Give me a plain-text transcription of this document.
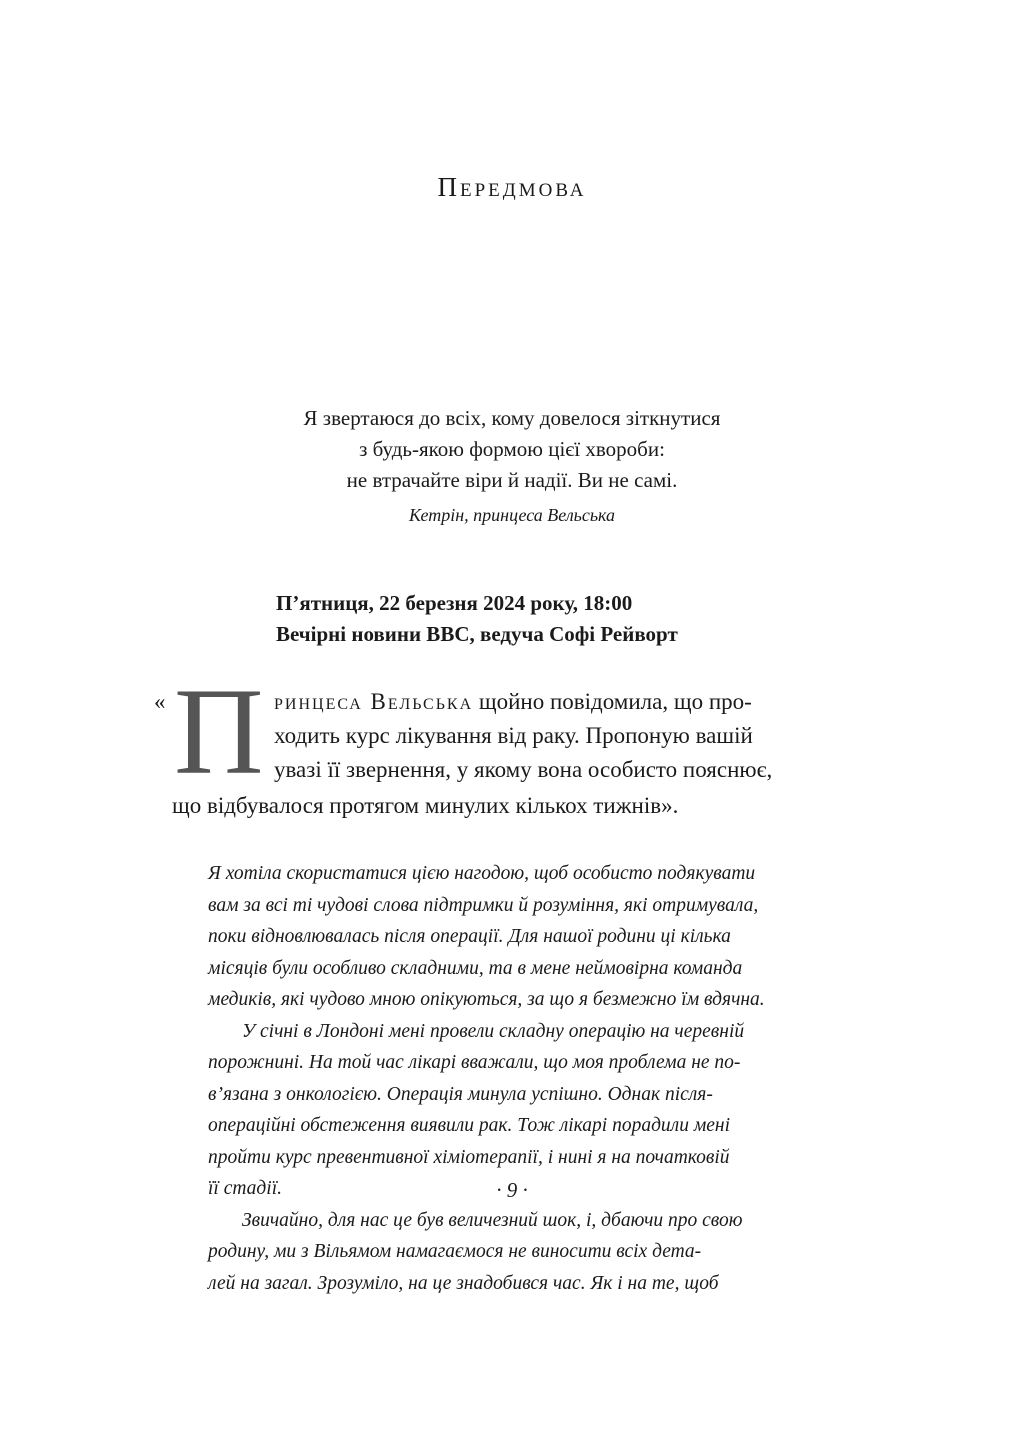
Передмова
Я звертаюся до всіх, кому довелося зіткнутися
з будь-якою формою цієї хвороби:
не втрачайте віри й надії. Ви не самі.
Кетрін, принцеса Вельська
П’ятниця, 22 березня 2024 року, 18:00
Вечірні новини BBC, ведуча Софі Рейворт
« П ринцеса Вельська щойно повідомила, що про-
ходить курс лікування від раку. Пропоную вашій
увазі її звернення, у якому вона особисто пояснює,
що відбувалося протягом минулих кількох тижнів».
Я хотіла скористатися цією нагодою, щоб особисто подякувати
вам за всі ті чудові слова підтримки й розуміння, які отримувала,
поки відновлювалась після операції. Для нашої родини ці кілька
місяців були особливо складними, та в мене неймовірна команда
медиків, які чудово мною опікуються, за що я безмежно їм вдячна.
У січні в Лондоні мені провели складну операцію на черевній
порожнині. На той час лікарі вважали, що моя проблема не по-
в’язана з онкологією. Операція минула успішно. Однак після-
операційні обстеження виявили рак. Тож лікарі порадили мені
пройти курс превентивної хіміотерапії, і нині я на початковій
її стадії.
Звичайно, для нас це був величезний шок, і, дбаючи про свою
родину, ми з Вільямом намагаємося не виносити всіх дета-
лей на загал. Зрозуміло, на це знадобився час. Як і на те, щоб
· 9 ·
